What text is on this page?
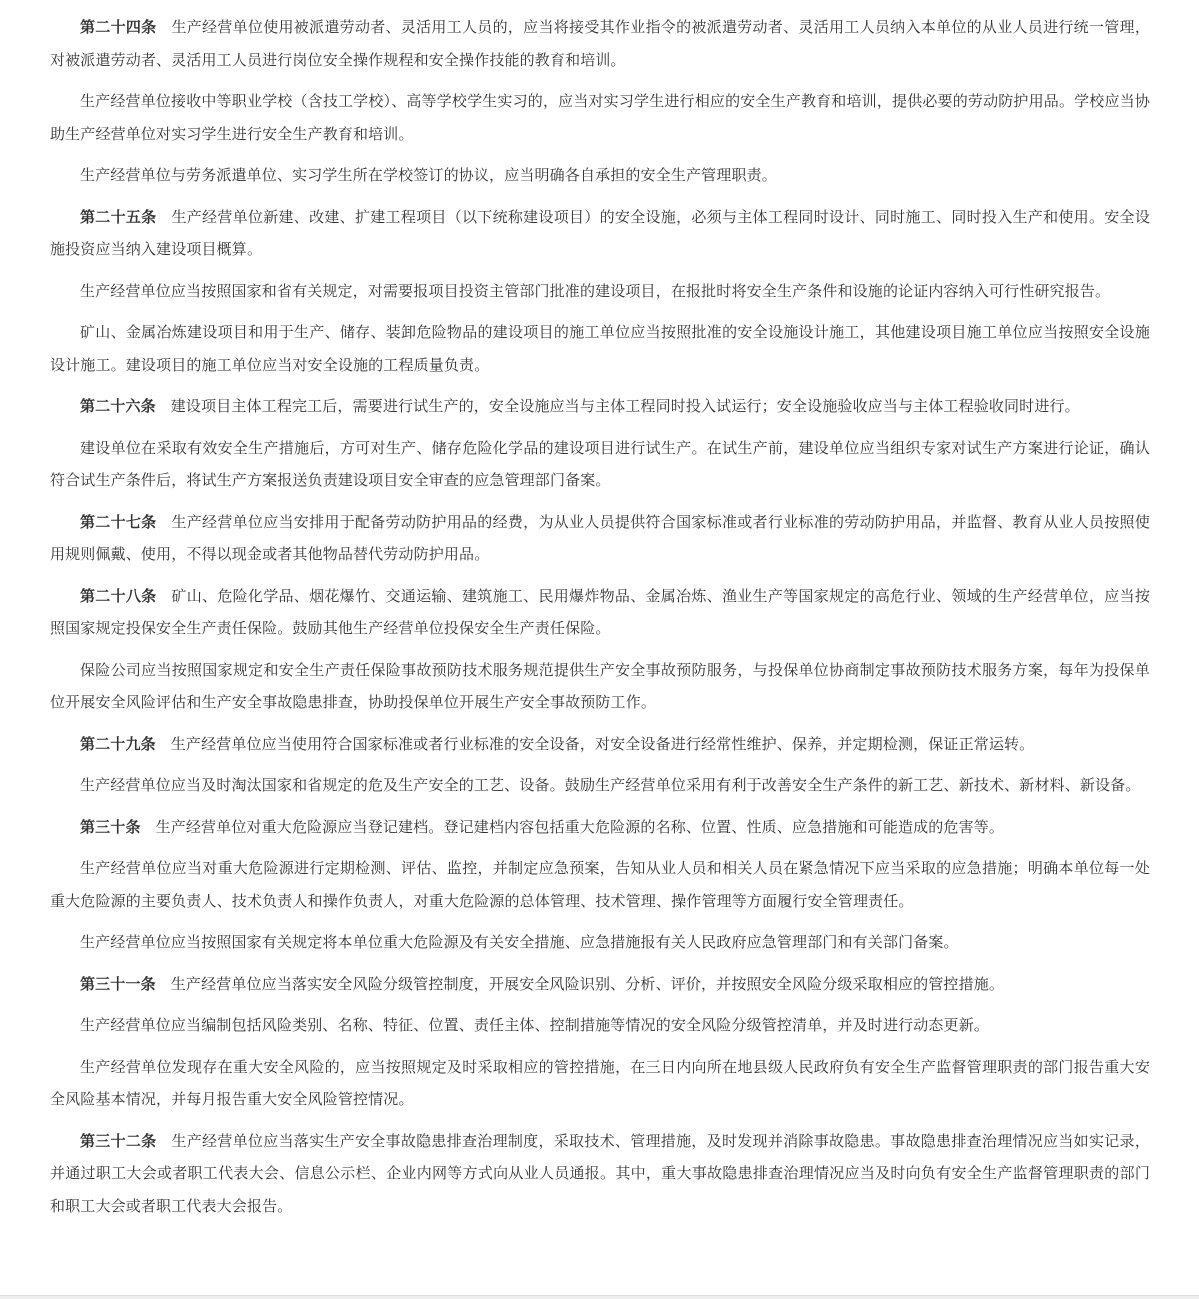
第二十四条 生产经营单位使用被派遣劳动者、灵活用工人员的，应当将接受其作业指令的被派遣劳动者、灵活用工人员纳入本单位的从业人员进行统一管理，对被派遣劳动者、灵活用工人员进行岗位安全操作规程和安全操作技能的教育和培训。

生产经营单位接收中等职业学校（含技工学校）、高等学校学生实习的，应当对实习学生进行相应的安全生产教育和培训，提供必要的劳动防护用品。学校应当协助生产经营单位对实习学生进行安全生产教育和培训。

生产经营单位与劳务派遣单位、实习学生所在学校签订的协议，应当明确各自承担的安全生产管理职责。

第二十五条 生产经营单位新建、改建、扩建工程项目（以下统称建设项目）的安全设施，必须与主体工程同时设计、同时施工、同时投入生产和使用。安全设施投资应当纳入建设项目概算。

生产经营单位应当按照国家和省有关规定，对需要报项目投资主管部门批准的建设项目，在报批时将安全生产条件和设施的论证内容纳入可行性研究报告。

矿山、金属冶炼建设项目和用于生产、储存、装卸危险物品的建设项目的施工单位应当按照批准的安全设施设计施工，其他建设项目施工单位应当按照安全设施设计施工。建设项目的施工单位应当对安全设施的工程质量负责。

第二十六条 建设项目主体工程完工后，需要进行试生产的，安全设施应当与主体工程同时投入试运行；安全设施验收应当与主体工程验收同时进行。

建设单位在采取有效安全生产措施后，方可对生产、储存危险化学品的建设项目进行试生产。在试生产前，建设单位应当组织专家对试生产方案进行论证，确认符合试生产条件后，将试生产方案报送负责建设项目安全审查的应急管理部门备案。

第二十七条 生产经营单位应当安排用于配备劳动防护用品的经费，为从业人员提供符合国家标准或者行业标准的劳动防护用品，并监督、教育从业人员按照使用规则佩戴、使用，不得以现金或者其他物品替代劳动防护用品。

第二十八条 矿山、危险化学品、烟花爆竹、交通运输、建筑施工、民用爆炸物品、金属冶炼、渔业生产等国家规定的高危行业、领域的生产经营单位，应当按照国家规定投保安全生产责任保险。鼓励其他生产经营单位投保安全生产责任保险。

保险公司应当按照国家规定和安全生产责任保险事故预防技术服务规范提供生产安全事故预防服务，与投保单位协商制定事故预防技术服务方案，每年为投保单位开展安全风险评估和生产安全事故隐患排查，协助投保单位开展生产安全事故预防工作。

第二十九条 生产经营单位应当使用符合国家标准或者行业标准的安全设备，对安全设备进行经常性维护、保养，并定期检测，保证正常运转。

生产经营单位应当及时淘汰国家和省规定的危及生产安全的工艺、设备。鼓励生产经营单位采用有利于改善安全生产条件的新工艺、新技术、新材料、新设备。

第三十条 生产经营单位对重大危险源应当登记建档。登记建档内容包括重大危险源的名称、位置、性质、应急措施和可能造成的危害等。

生产经营单位应当对重大危险源进行定期检测、评估、监控，并制定应急预案，告知从业人员和相关人员在紧急情况下应当采取的应急措施；明确本单位每一处重大危险源的主要负责人、技术负责人和操作负责人，对重大危险源的总体管理、技术管理、操作管理等方面履行安全管理责任。

生产经营单位应当按照国家有关规定将本单位重大危险源及有关安全措施、应急措施报有关人民政府应急管理部门和有关部门备案。

第三十一条 生产经营单位应当落实安全风险分级管控制度，开展安全风险识别、分析、评价，并按照安全风险分级采取相应的管控措施。

生产经营单位应当编制包括风险类别、名称、特征、位置、责任主体、控制措施等情况的安全风险分级管控清单，并及时进行动态更新。

生产经营单位发现存在重大安全风险的，应当按照规定及时采取相应的管控措施，在三日内向所在地县级人民政府负有安全生产监督管理职责的部门报告重大安全风险基本情况，并每月报告重大安全风险管控情况。

第三十二条 生产经营单位应当落实生产安全事故隐患排查治理制度，采取技术、管理措施，及时发现并消除事故隐患。事故隐患排查治理情况应当如实记录，并通过职工大会或者职工代表大会、信息公示栏、企业内网等方式向从业人员通报。其中，重大事故隐患排查治理情况应当及时向负有安全生产监督管理职责的部门和职工大会或者职工代表大会报告。
